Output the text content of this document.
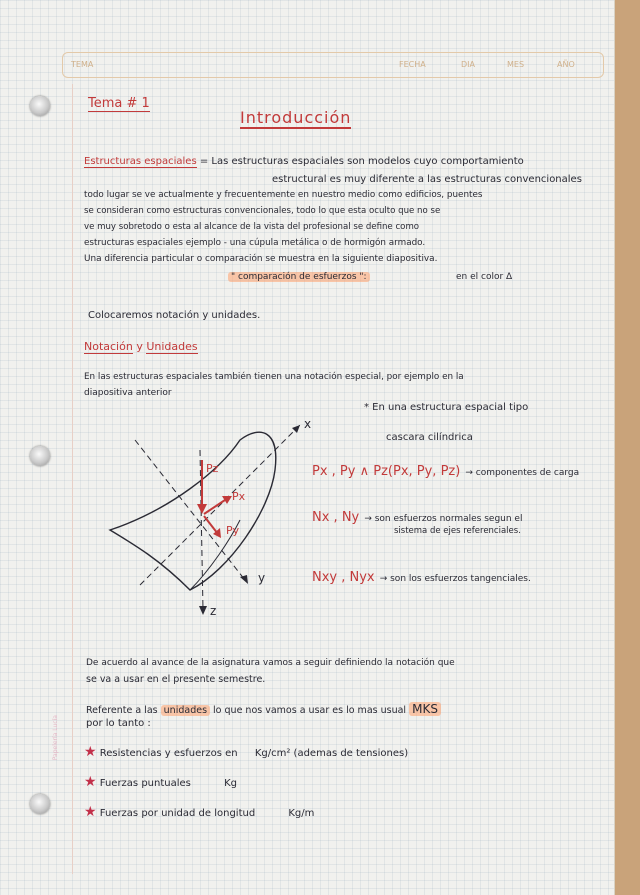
TEMA	FECHA	DIA	MES	AÑO
Papelería Lucía
Tema # 1
Introducción
Estructuras espaciales = Las estructuras espaciales son modelos cuyo comportamiento
estructural es muy diferente a las estructuras convencionales
todo lugar se ve actualmente y frecuentemente en nuestro medio como edificios, puentes
se consideran como estructuras convencionales, todo lo que esta oculto que no se
ve muy sobretodo o esta al alcance de la vista del profesional se define como
estructuras espaciales ejemplo - una cúpula metálica o de hormigón armado.
Una diferencia particular o comparación se muestra en la siguiente diapositiva.
" comparación de esfuerzos ":	en el color Δ
Colocaremos notación y unidades.
Notación y Unidades
En las estructuras espaciales también tienen una notación especial, por ejemplo en la
diapositiva anterior
x
y
z
Pz
Px
Py
* En una estructura espacial tipo
cascara cilíndrica
Px , Py ∧ Pz(Px, Py, Pz) → componentes de carga
Nx , Ny → son esfuerzos normales segun el
sistema de ejes referenciales.
Nxy , Nyx → son los esfuerzos tangenciales.
De acuerdo al avance de la asignatura vamos a seguir definiendo la notación que
se va a usar en el presente semestre.
Referente a las unidades lo que nos vamos a usar es lo mas usual MKS
por lo tanto :
★ Resistencias y esfuerzos en Kg/cm² (ademas de tensiones)
★ Fuerzas puntuales	Kg
★ Fuerzas por unidad de longitud	Kg/m
